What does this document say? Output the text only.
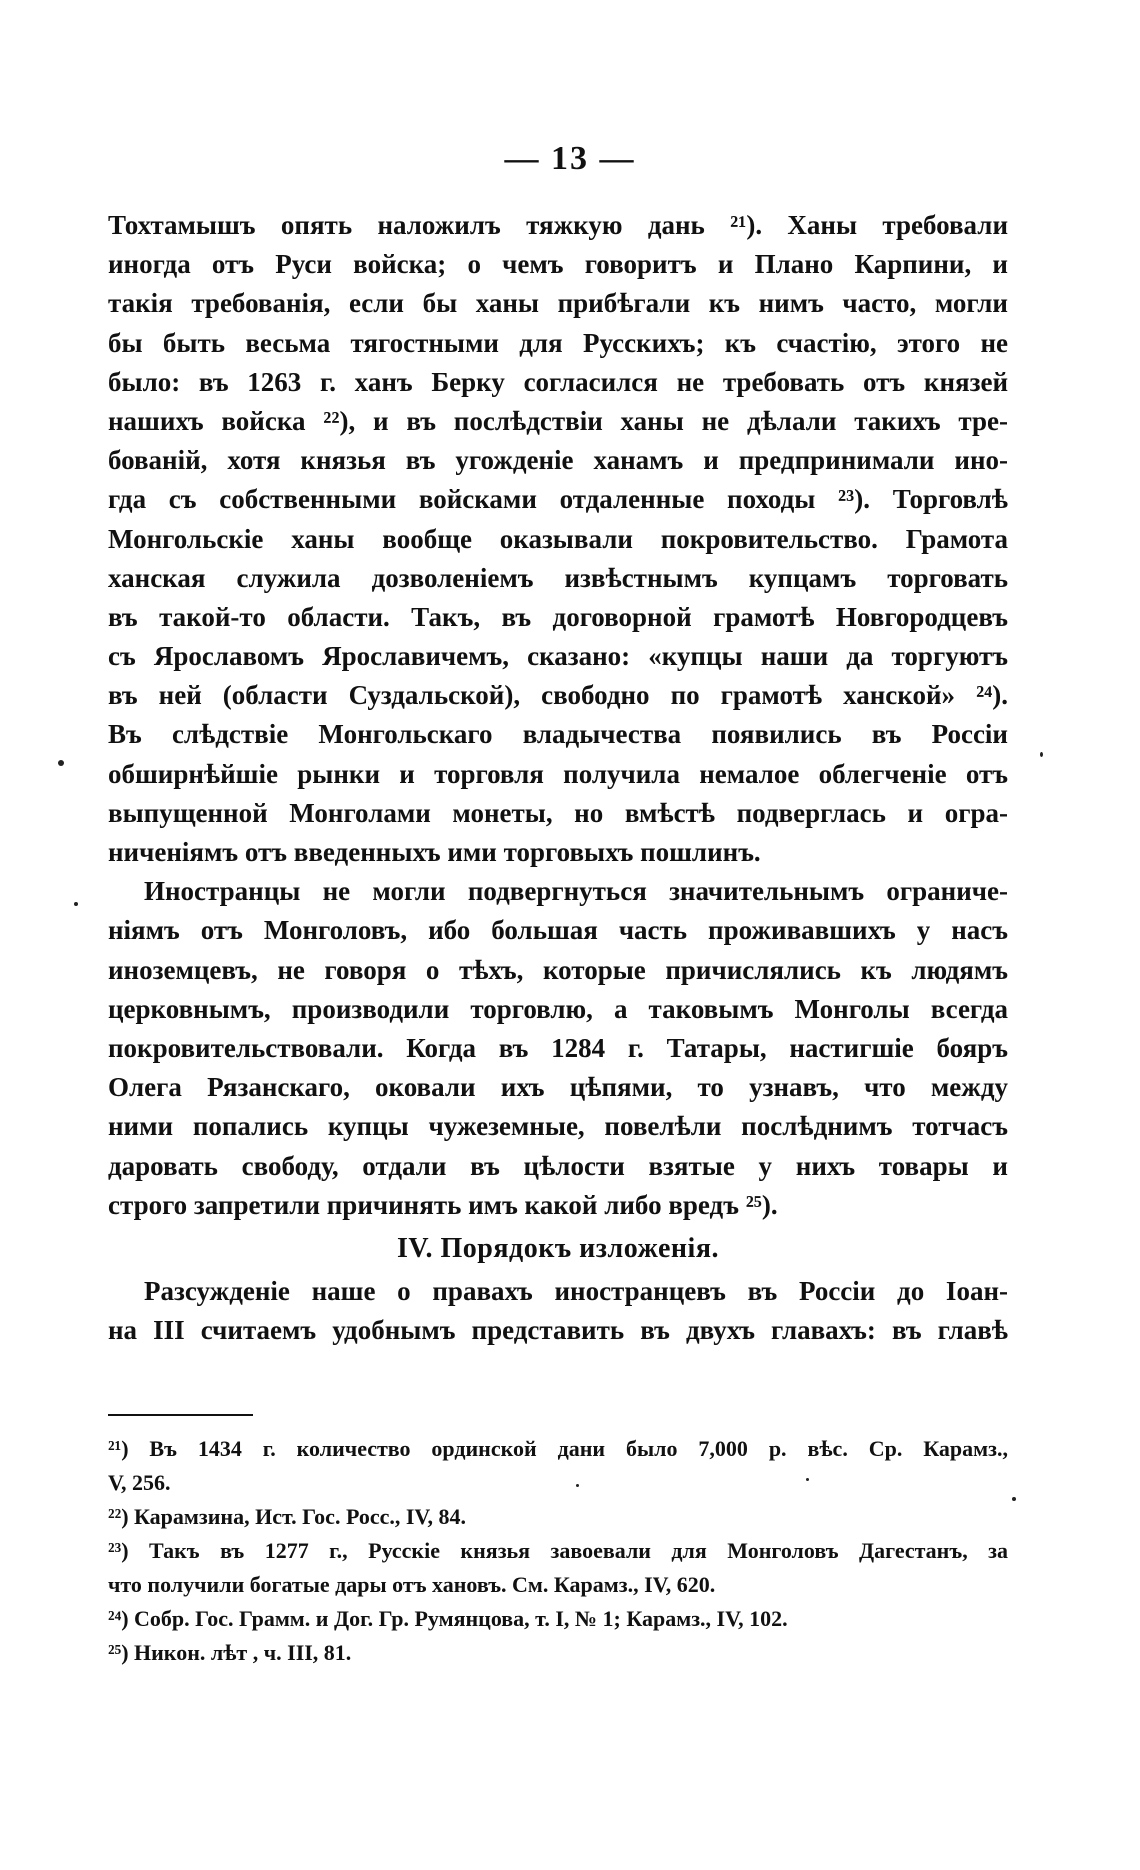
— 13 —
Тохтамышъ опять наложилъ тяжкую дань ²¹). Ханы требовали
иногда отъ Руси войска; о чемъ говоритъ и Плано Карпини, и
такія требованія, если бы ханы прибѣгали къ нимъ часто, могли
бы быть весьма тягостными для Русскихъ; къ счастію, этого не
было: въ 1263 г. ханъ Берку согласился не требовать отъ князей
нашихъ войска ²²), и въ послѣдствіи ханы не дѣлали такихъ тре-
бованій, хотя князья въ угожденіе ханамъ и предпринимали ино-
гда съ собственными войсками отдаленные походы ²³). Торговлѣ
Монгольскіе ханы вообще оказывали покровительство. Грамота
ханская служила дозволеніемъ извѣстнымъ купцамъ торговать
въ такой-то области. Такъ, въ договорной грамотѣ Новгородцевъ
съ Ярославомъ Ярославичемъ, сказано: «купцы наши да торгуютъ
въ ней (области Суздальской), свободно по грамотѣ ханской» ²⁴).
Въ слѣдствіе Монгольскаго владычества появились въ Россіи
обширнѣйшіе рынки и торговля получила немалое облегченіе отъ
выпущенной Монголами монеты, но вмѣстѣ подверглась и огра-
ниченіямъ отъ введенныхъ ими торговыхъ пошлинъ.
Иностранцы не могли подвергнуться значительнымъ ограниче-
ніямъ отъ Монголовъ, ибо большая часть проживавшихъ у насъ
иноземцевъ, не говоря о тѣхъ, которые причислялись къ людямъ
церковнымъ, производили торговлю, а таковымъ Монголы всегда
покровительствовали. Когда въ 1284 г. Татары, настигшіе бояръ
Олега Рязанскаго, оковали ихъ цѣпями, то узнавъ, что между
ними попались купцы чужеземные, повелѣли послѣднимъ тотчасъ
даровать свободу, отдали въ цѣлости взятые у нихъ товары и
строго запретили причинять имъ какой либо вредъ ²⁵).
IV. Порядокъ изложенія.
Разсужденіе наше о правахъ иностранцевъ въ Россіи до Іоан-
на III считаемъ удобнымъ представить въ двухъ главахъ: въ главѣ
²¹) Въ 1434 г. количество ординской дани было 7,000 р. вѣс. Ср. Карамз.,
V, 256.
²²) Карамзина, Ист. Гос. Росс., IV, 84.
²³) Такъ въ 1277 г., Русскіе князья завоевали для Монголовъ Дагестанъ, за
что получили богатые дары отъ хановъ. См. Карамз., IV, 620.
²⁴) Собр. Гос. Грамм. и Дог. Гр. Румянцова, т. I, № 1; Карамз., IV, 102.
²⁵) Никон. лѣт , ч. III, 81.
